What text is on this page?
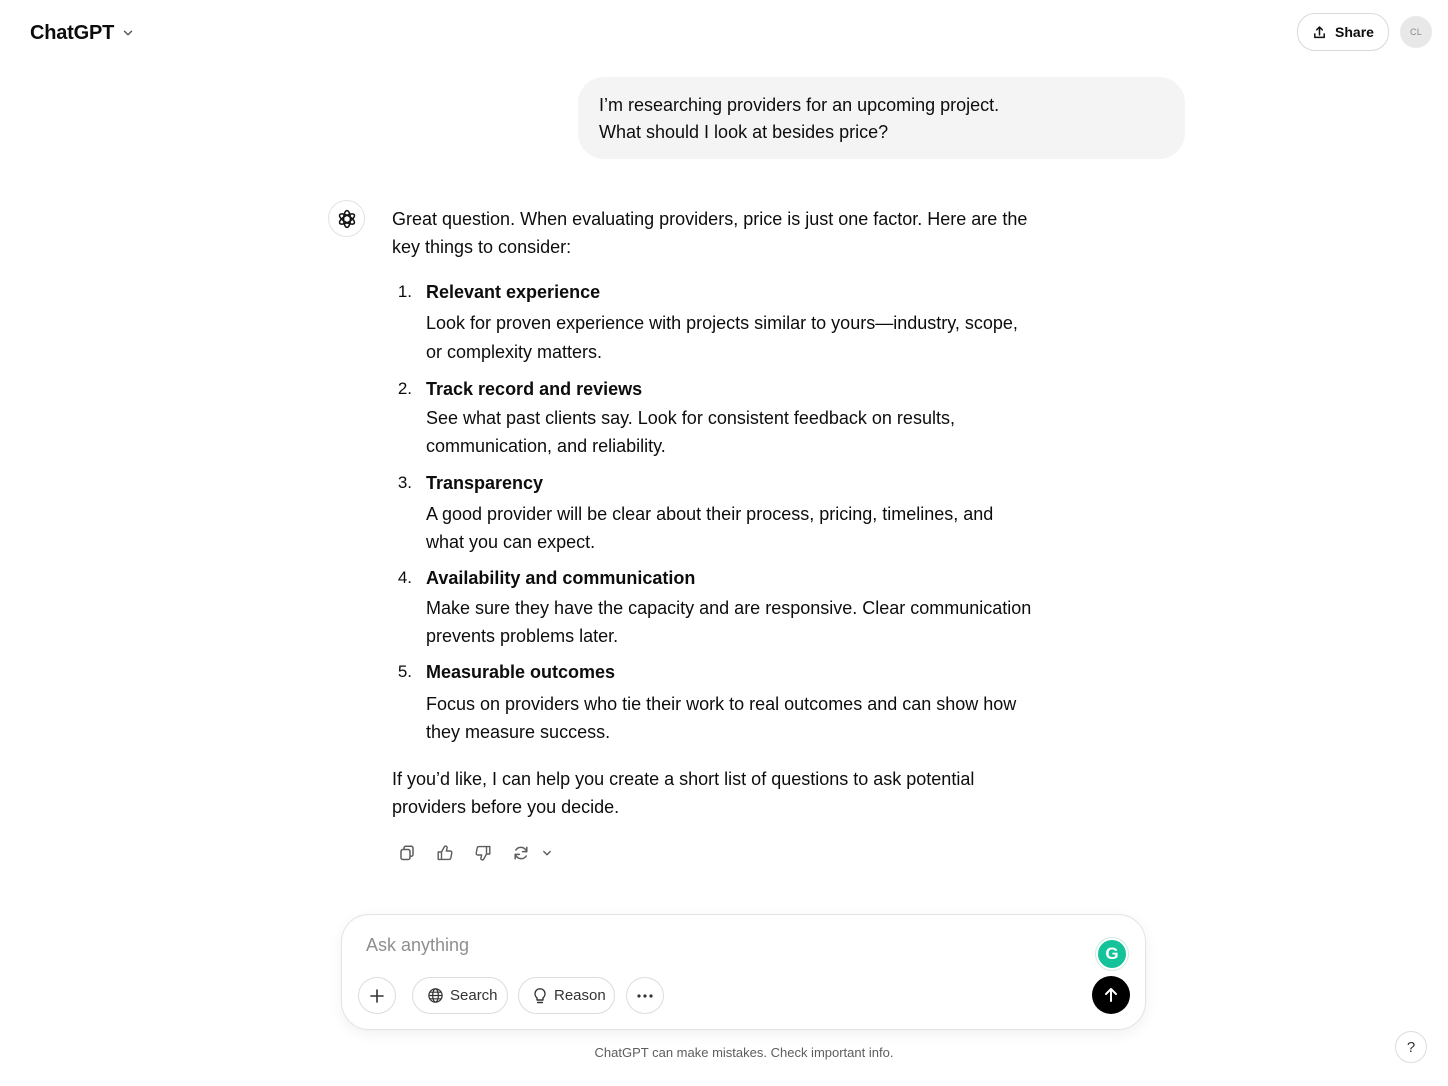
ChatGPT	Share	CL
I’m researching providers for an upcoming project.
What should I look at besides price?
Great question. When evaluating providers, price is just one factor. Here are the
key things to consider:
1. Relevant experience
Look for proven experience with projects similar to yours—industry, scope,
or complexity matters.
2. Track record and reviews
See what past clients say. Look for consistent feedback on results,
communication, and reliability.
3. Transparency
A good provider will be clear about their process, pricing, timelines, and
what you can expect.
4. Availability and communication
Make sure they have the capacity and are responsive. Clear communication
prevents problems later.
5. Measurable outcomes
Focus on providers who tie their work to real outcomes and can show how
they measure success.
If you’d like, I can help you create a short list of questions to ask potential
providers before you decide.
Ask anything
G
Search	Reason
ChatGPT can make mistakes. Check important info.	?
